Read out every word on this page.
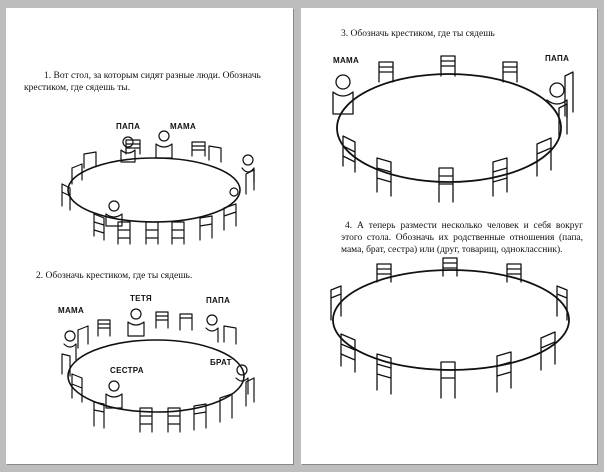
1. Вот стол, за которым сидят разные люди. Обозначь крестиком, где сядешь ты.

ПАПА	МАМА

2. Обозначь крестиком, где ты сядешь.

МАМА
ТЕТЯ	ПАПА
СЕСТРА
БРАТ

3. Обозначь крестиком, где ты сядешь

МАМА	ПАПА

4. А теперь размести несколько человек и себя вокруг этого стола. Обозначь их родственные отношения (папа, мама, брат, сестра) или (друг, товарищ, одноклассник).
